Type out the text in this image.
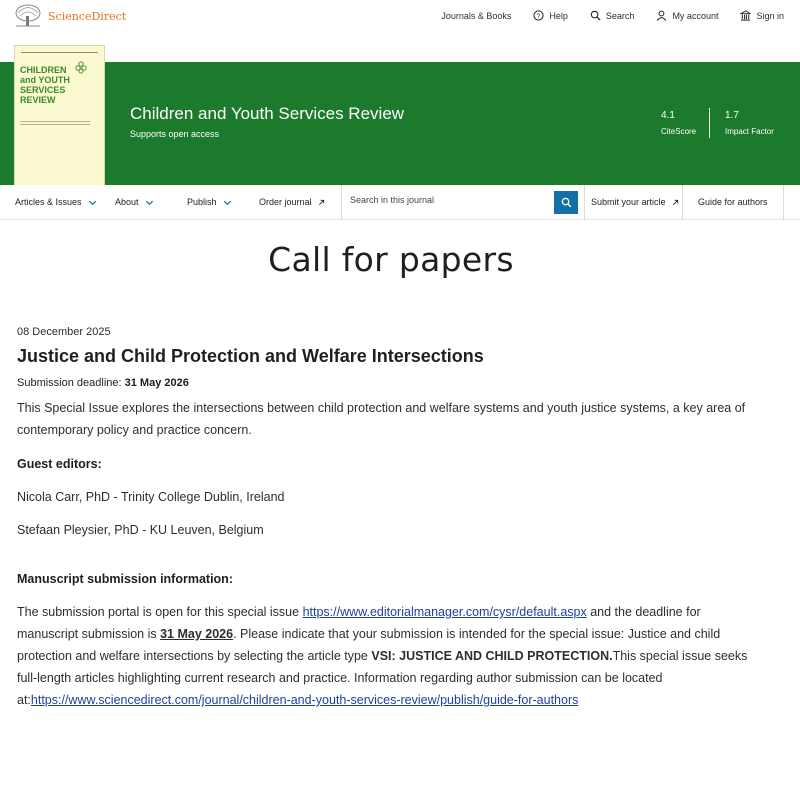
ScienceDirect	Journals & Books	? Help	Search	My account	Sign in
CHILDREN and YOUTH SERVICES REVIEW
Children and Youth Services Review
Supports open access
4.1
CiteScore
1.7
Impact Factor
Articles & Issues	About	Publish	Order journal
Search in this journal	Submit your article	Guide for authors
Call for papers
08 December 2025
Justice and Child Protection and Welfare Intersections
Submission deadline: 31 May 2026
This Special Issue explores the intersections between child protection and welfare systems and youth justice systems, a key area of contemporary policy and practice concern.
Guest editors:
Nicola Carr, PhD - Trinity College Dublin, Ireland
Stefaan Pleysier, PhD - KU Leuven, Belgium
Manuscript submission information:
The submission portal is open for this special issue https://www.editorialmanager.com/cysr/default.aspx and the deadline for manuscript submission is 31 May 2026. Please indicate that your submission is intended for the special issue: Justice and child protection and welfare intersections by selecting the article type VSI: JUSTICE AND CHILD PROTECTION.This special issue seeks full-length articles highlighting current research and practice. Information regarding author submission can be located at:https://www.sciencedirect.com/journal/children-and-youth-services-review/publish/guide-for-authors
